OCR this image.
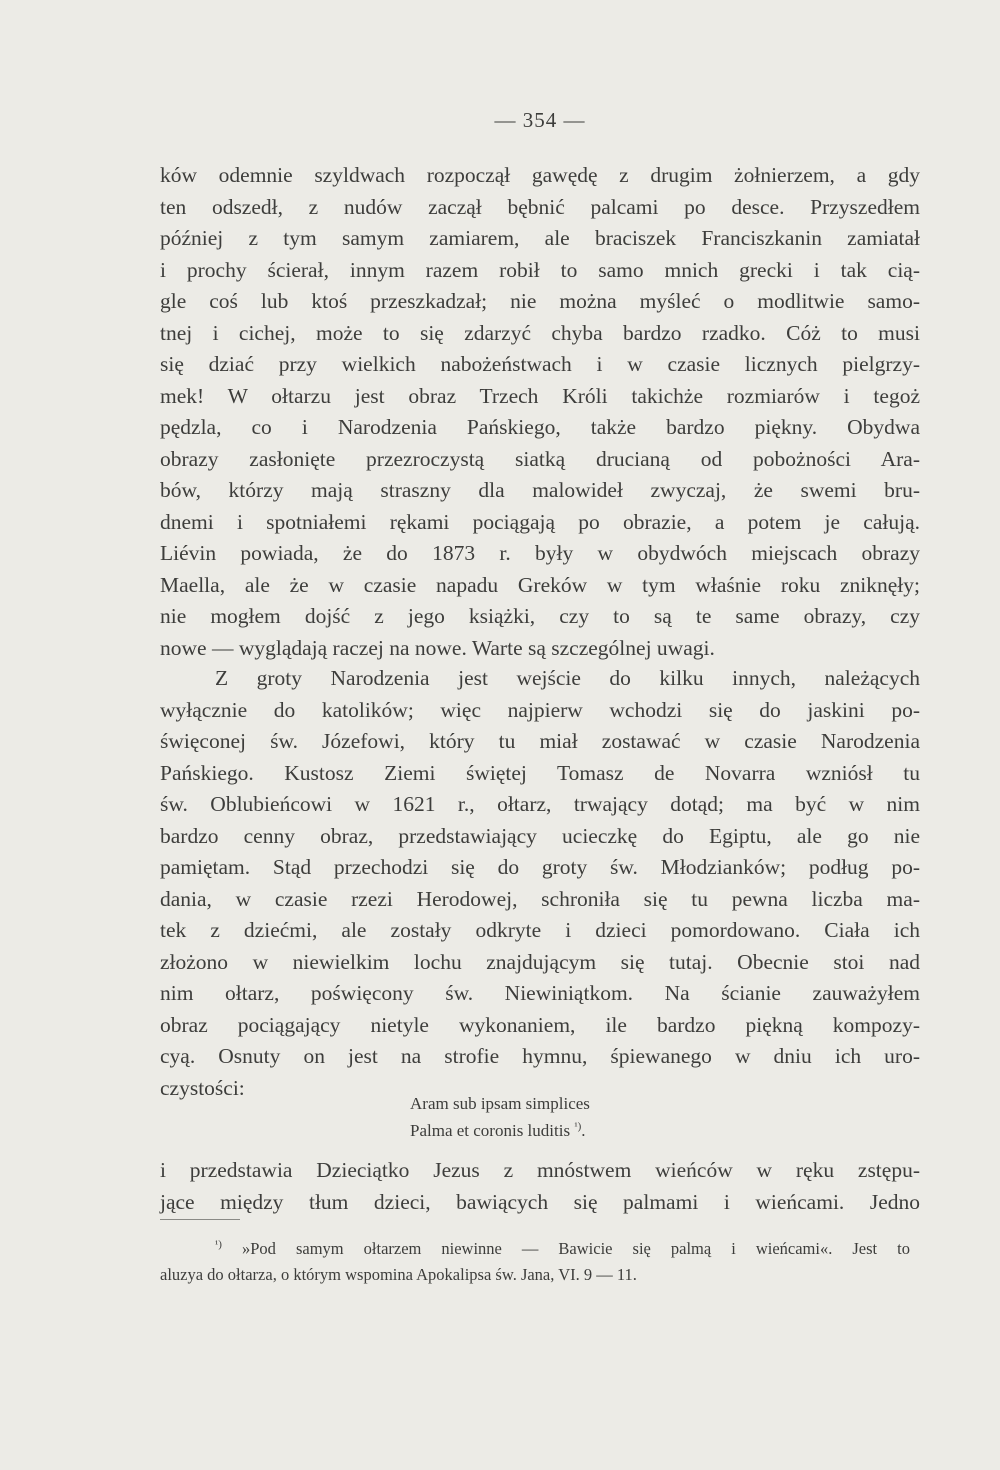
— 354 —
ków odemnie szyldwach rozpoczął gawędę z drugim żołnierzem, a gdy
ten odszedł, z nudów zaczął bębnić palcami po desce. Przyszedłem
później z tym samym zamiarem, ale braciszek Franciszkanin zamiatał
i prochy ścierał, innym razem robił to samo mnich grecki i tak cią-
gle coś lub ktoś przeszkadzał; nie można myśleć o modlitwie samo-
tnej i cichej, może to się zdarzyć chyba bardzo rzadko. Cóż to musi
się dziać przy wielkich nabożeństwach i w czasie licznych pielgrzy-
mek! W ołtarzu jest obraz Trzech Króli takichże rozmiarów i tegoż
pędzla, co i Narodzenia Pańskiego, także bardzo piękny. Obydwa
obrazy zasłonięte przezroczystą siatką drucianą od pobożności Ara-
bów, którzy mają straszny dla malowideł zwyczaj, że swemi bru-
dnemi i spotniałemi rękami pociągają po obrazie, a potem je całują.
Liévin powiada, że do 1873 r. były w obydwóch miejscach obrazy
Maella, ale że w czasie napadu Greków w tym właśnie roku zniknęły;
nie mogłem dojść z jego książki, czy to są te same obrazy, czy
nowe — wyglądają raczej na nowe. Warte są szczególnej uwagi.
Z groty Narodzenia jest wejście do kilku innych, należących
wyłącznie do katolików; więc najpierw wchodzi się do jaskini po-
święconej św. Józefowi, który tu miał zostawać w czasie Narodzenia
Pańskiego. Kustosz Ziemi świętej Tomasz de Novarra wzniósł tu
św. Oblubieńcowi w 1621 r., ołtarz, trwający dotąd; ma być w nim
bardzo cenny obraz, przedstawiający ucieczkę do Egiptu, ale go nie
pamiętam. Stąd przechodzi się do groty św. Młodzianków; podług po-
dania, w czasie rzezi Herodowej, schroniła się tu pewna liczba ma-
tek z dziećmi, ale zostały odkryte i dzieci pomordowano. Ciała ich
złożono w niewielkim lochu znajdującym się tutaj. Obecnie stoi nad
nim ołtarz, poświęcony św. Niewiniątkom. Na ścianie zauważyłem
obraz pociągający nietyle wykonaniem, ile bardzo piękną kompozy-
cyą. Osnuty on jest na strofie hymnu, śpiewanego w dniu ich uro-
czystości:
Aram sub ipsam simplices
Palma et coronis luditis $^{^1)}$.
i przedstawia Dzieciątko Jezus z mnóstwem wieńców w ręku zstępu-
jące między tłum dzieci, bawiących się palmami i wieńcami. Jedno
$^{^1)}$ »Pod samym ołtarzem niewinne — Bawicie się palmą i wieńcami«. Jest to
aluzya do ołtarza, o którym wspomina Apokalipsa św. Jana, VI. 9 — 11.
